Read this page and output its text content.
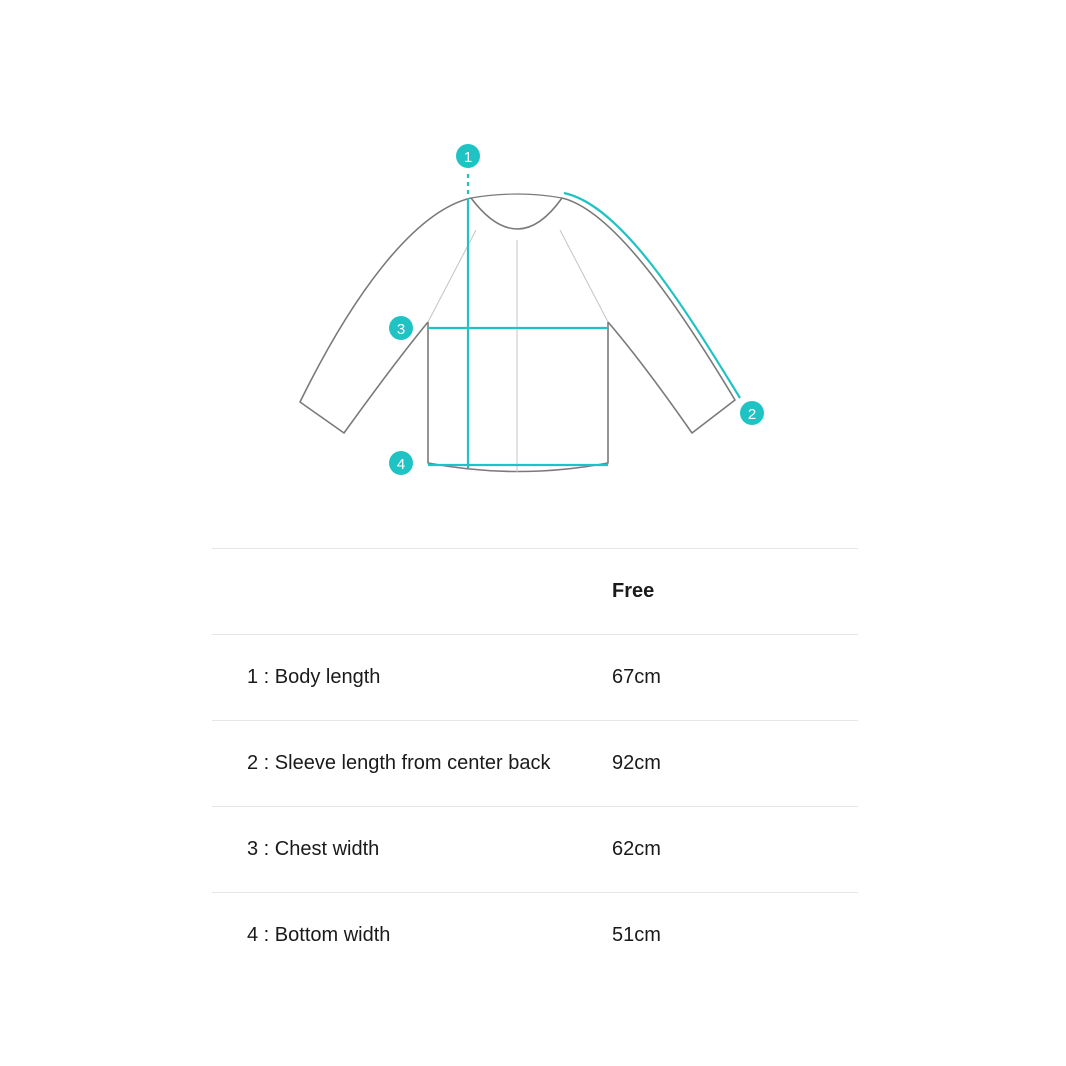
1
2
3
4
	Free
1 : Body length	67cm
2 : Sleeve length from center back	92cm
3 : Chest width	62cm
4 : Bottom width	51cm
